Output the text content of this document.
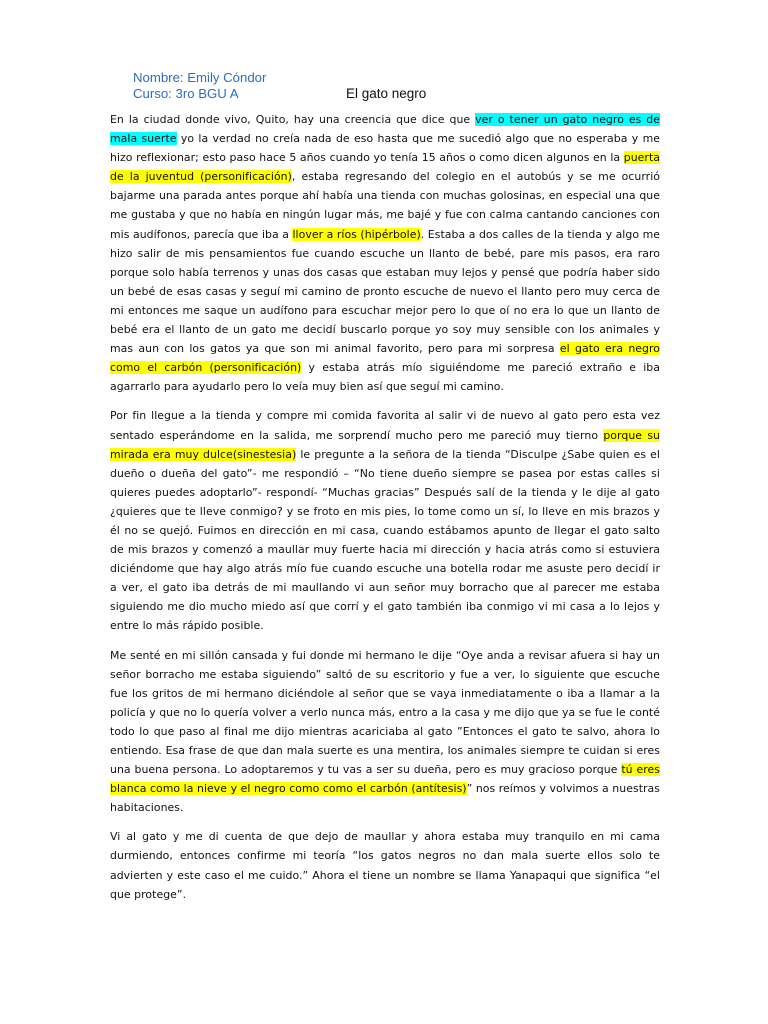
Nombre: Emily Cóndor
Curso: 3ro BGU A	El gato negro

En la ciudad donde vivo, Quito, hay una creencia que dice que ver o tener un gato negro es de mala suerte yo la verdad no creía nada de eso hasta que me sucedió algo que no esperaba y me hizo reflexionar; esto paso hace 5 años cuando yo tenía 15 años o como dicen algunos en la puerta de la juventud (personificación), estaba regresando del colegio en el autobús y se me ocurrió bajarme una parada antes porque ahí había una tienda con muchas golosinas, en especial una que me gustaba y que no había en ningún lugar más, me bajé y fue con calma cantando canciones con mis audífonos, parecía que iba a llover a ríos (hipérbole). Estaba a dos calles de la tienda y algo me hizo salir de mis pensamientos fue cuando escuche un llanto de bebé, pare mis pasos, era raro porque solo había terrenos y unas dos casas que estaban muy lejos y pensé que podría haber sido un bebé de esas casas y seguí mi camino de pronto escuche de nuevo el llanto pero muy cerca de mi entonces me saque un audífono para escuchar mejor pero lo que oí no era lo que un llanto de bebé era el llanto de un gato me decidí buscarlo porque yo soy muy sensible con los animales y mas aun con los gatos ya que son mi animal favorito, pero para mi sorpresa el gato era negro como el carbón (personificación) y estaba atrás mío siguiéndome me pareció extraño e iba agarrarlo para ayudarlo pero lo veía muy bien así que seguí mi camino.

Por fin llegue a la tienda y compre mi comida favorita al salir vi de nuevo al gato pero esta vez sentado esperándome en la salida, me sorprendí mucho pero me pareció muy tierno porque su mirada era muy dulce(sinestesia) le pregunte a la señora de la tienda “Disculpe ¿Sabe quien es el dueño o dueña del gato”- me respondió – “No tiene dueño siempre se pasea por estas calles si quieres puedes adoptarlo”- respondí- “Muchas gracias” Después salí de la tienda y le dije al gato ¿quieres que te lleve conmigo? y se froto en mis pies, lo tome como un sí, lo lleve en mis brazos y él no se quejó. Fuimos en dirección en mi casa, cuando estábamos apunto de llegar el gato salto de mis brazos y comenzó a maullar muy fuerte hacia mi dirección y hacia atrás como si estuviera diciéndome que hay algo atrás mío fue cuando escuche una botella rodar me asuste pero decidí ir a ver, el gato iba detrás de mi maullando vi aun señor muy borracho que al parecer me estaba siguiendo me dio mucho miedo así que corrí y el gato también iba conmigo vi mi casa a lo lejos y entre lo más rápido posible.

Me senté en mi sillón cansada y fui donde mi hermano le dije “Oye anda a revisar afuera si hay un señor borracho me estaba siguiendo” saltó de su escritorio y fue a ver, lo siguiente que escuche fue los gritos de mi hermano diciéndole al señor que se vaya inmediatamente o iba a llamar a la policía y que no lo quería volver a verlo nunca más, entro a la casa y me dijo que ya se fue le conté todo lo que paso al final me dijo mientras acariciaba al gato ”Entonces el gato te salvo, ahora lo entiendo. Esa frase de que dan mala suerte es una mentira, los animales siempre te cuidan si eres una buena persona. Lo adoptaremos y tu vas a ser su dueña, pero es muy gracioso porque tú eres blanca como la nieve y el negro como como el carbón (antítesis)” nos reímos y volvimos a nuestras habitaciones.

Vi al gato y me di cuenta de que dejo de maullar y ahora estaba muy tranquilo en mi cama durmiendo, entonces confirme mi teoría “los gatos negros no dan mala suerte ellos solo te advierten y este caso el me cuido.” Ahora el tiene un nombre se llama Yanapaqui que significa “el que protege”.
